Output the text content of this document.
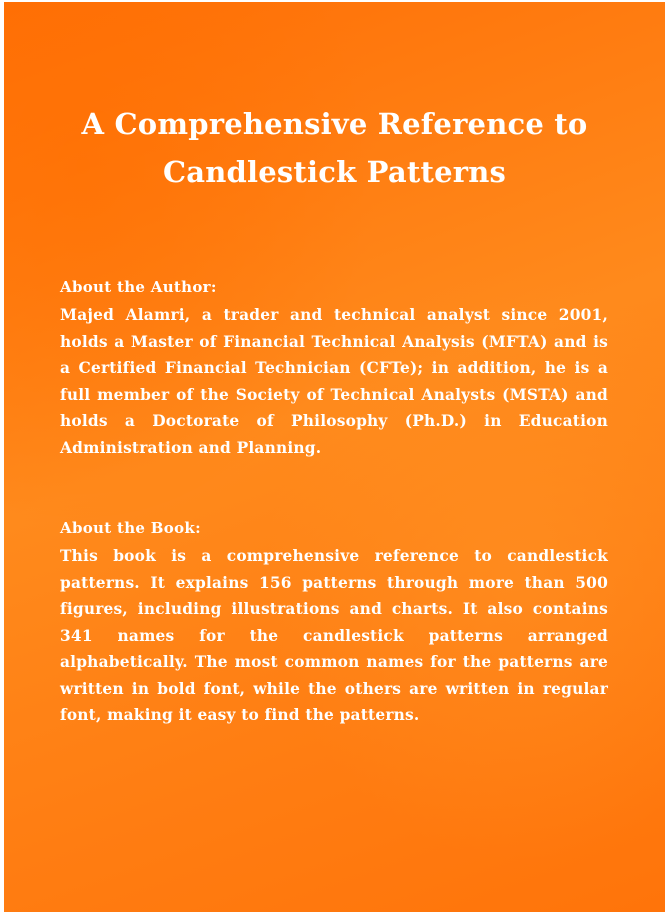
A Comprehensive Reference to Candlestick Patterns
About the Author:

Majed Alamri, a trader and technical analyst since 2001, holds a Master of Financial Technical Analysis (MFTA) and is a Certified Financial Technician (CFTe); in addition, he is a full member of the Society of Technical Analysts (MSTA) and holds a Doctorate of Philosophy (Ph.D.) in Education Administration and Planning.

About the Book:

This book is a comprehensive reference to candlestick patterns. It explains 156 patterns through more than 500 figures, including illustrations and charts. It also contains 341 names for the candlestick patterns arranged alphabetically. The most common names for the patterns are written in bold font, while the others are written in regular font, making it easy to find the patterns.
